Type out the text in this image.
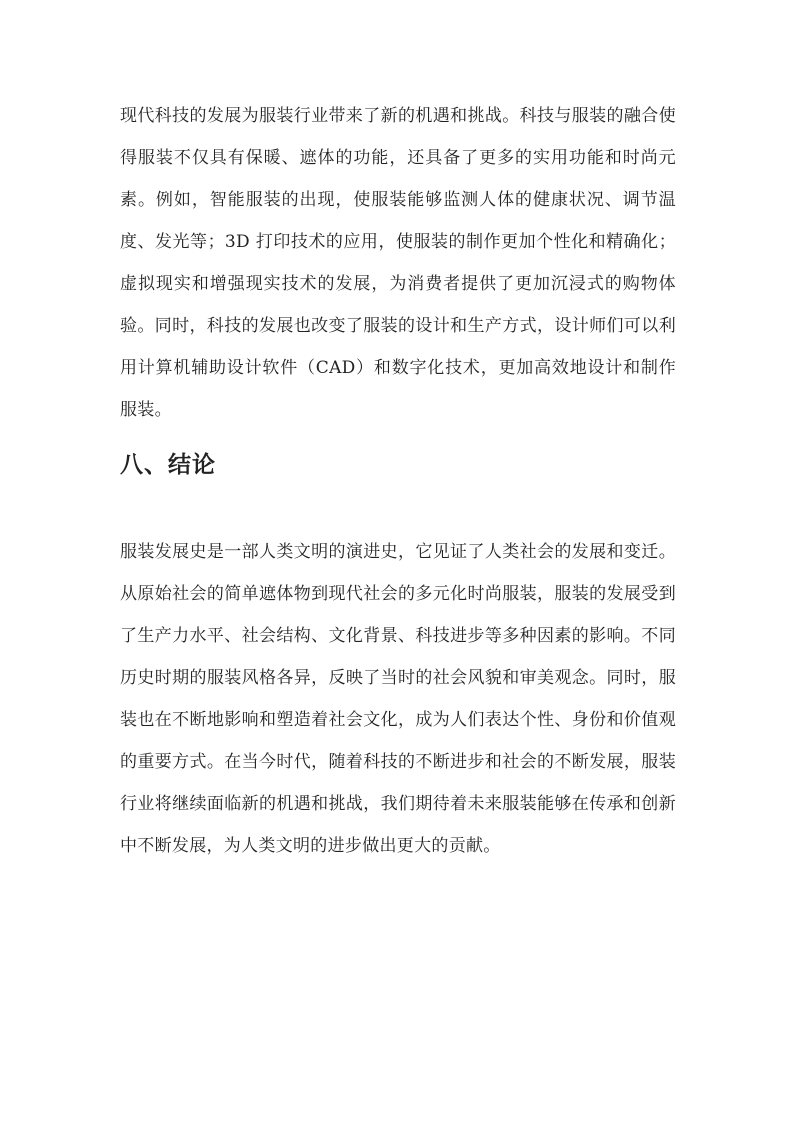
现代科技的发展为服装行业带来了新的机遇和挑战。科技与服装的融合使得服装不仅具有保暖、遮体的功能，还具备了更多的实用功能和时尚元素。例如，智能服装的出现，使服装能够监测人体的健康状况、调节温度、发光等；3D 打印技术的应用，使服装的制作更加个性化和精确化；虚拟现实和增强现实技术的发展，为消费者提供了更加沉浸式的购物体验。同时，科技的发展也改变了服装的设计和生产方式，设计师们可以利用计算机辅助设计软件（CAD）和数字化技术，更加高效地设计和制作服装。

八、结论

服装发展史是一部人类文明的演进史，它见证了人类社会的发展和变迁。从原始社会的简单遮体物到现代社会的多元化时尚服装，服装的发展受到了生产力水平、社会结构、文化背景、科技进步等多种因素的影响。不同历史时期的服装风格各异，反映了当时的社会风貌和审美观念。同时，服装也在不断地影响和塑造着社会文化，成为人们表达个性、身份和价值观的重要方式。在当今时代，随着科技的不断进步和社会的不断发展，服装行业将继续面临新的机遇和挑战，我们期待着未来服装能够在传承和创新中不断发展，为人类文明的进步做出更大的贡献。
